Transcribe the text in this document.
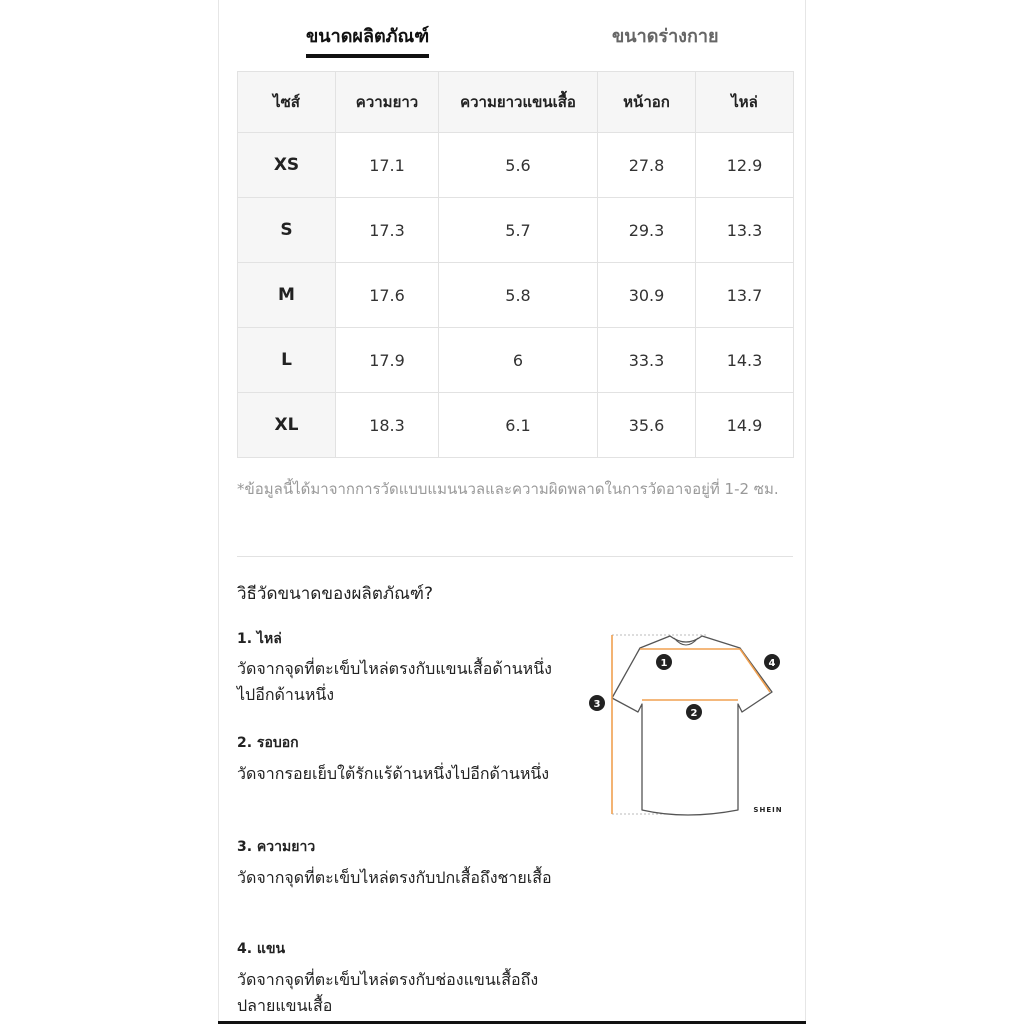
ขนาดผลิตภัณฑ์	ขนาดร่างกาย
ไซส์	ความยาว	ความยาวแขนเสื้อ	หน้าอก	ไหล่
XS	17.1	5.6	27.8	12.9
S	17.3	5.7	29.3	13.3
M	17.6	5.8	30.9	13.7
L	17.9	6	33.3	14.3
XL	18.3	6.1	35.6	14.9
*ข้อมูลนี้ได้มาจากการวัดแบบแมนนวลและความผิดพลาดในการวัดอาจอยู่ที่ 1-2 ซม.
วิธีวัดขนาดของผลิตภัณฑ์?
1. ไหล่
วัดจากจุดที่ตะเข็บไหล่ตรงกับแขนเสื้อด้านหนึ่งไปอีกด้านหนึ่ง
2. รอบอก
วัดจากรอยเย็บใต้รักแร้ด้านหนึ่งไปอีกด้านหนึ่ง
3. ความยาว
วัดจากจุดที่ตะเข็บไหล่ตรงกับปกเสื้อถึงชายเสื้อ
4. แขน
วัดจากจุดที่ตะเข็บไหล่ตรงกับช่องแขนเสื้อถึงปลายแขนเสื้อ
1
2
3
4
SHEIN
